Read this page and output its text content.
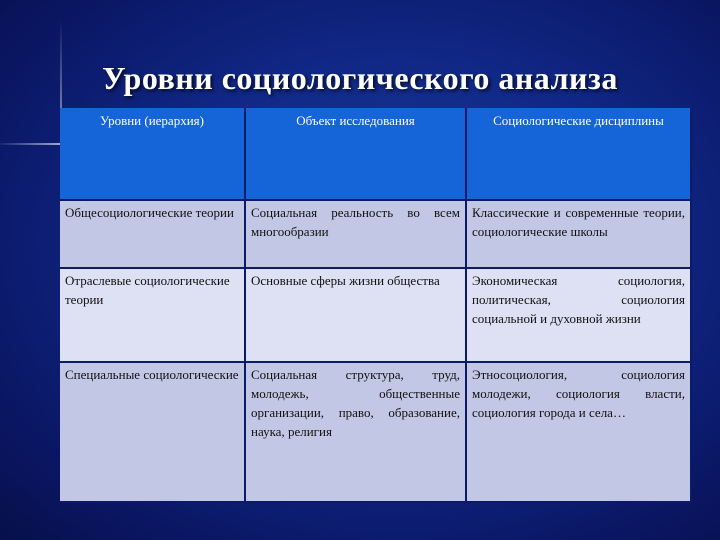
Уровни социологического анализа
Уровни (иерархия)	Объект исследования	Социологические дисциплины
Общесоциологические теории	Социальная реальность во всем многообразии	Классические и современные теории, социологические школы
Отраслевые социологические теории	Основные сферы жизни общества	Экономическая социология, политическая, социология социальной и духовной жизни
Специальные социологические	Социальная структура, труд, молодежь, общественные организации, право, образование, наука, религия	Этносоциология, социология молодежи, социология власти, социология города и села…
